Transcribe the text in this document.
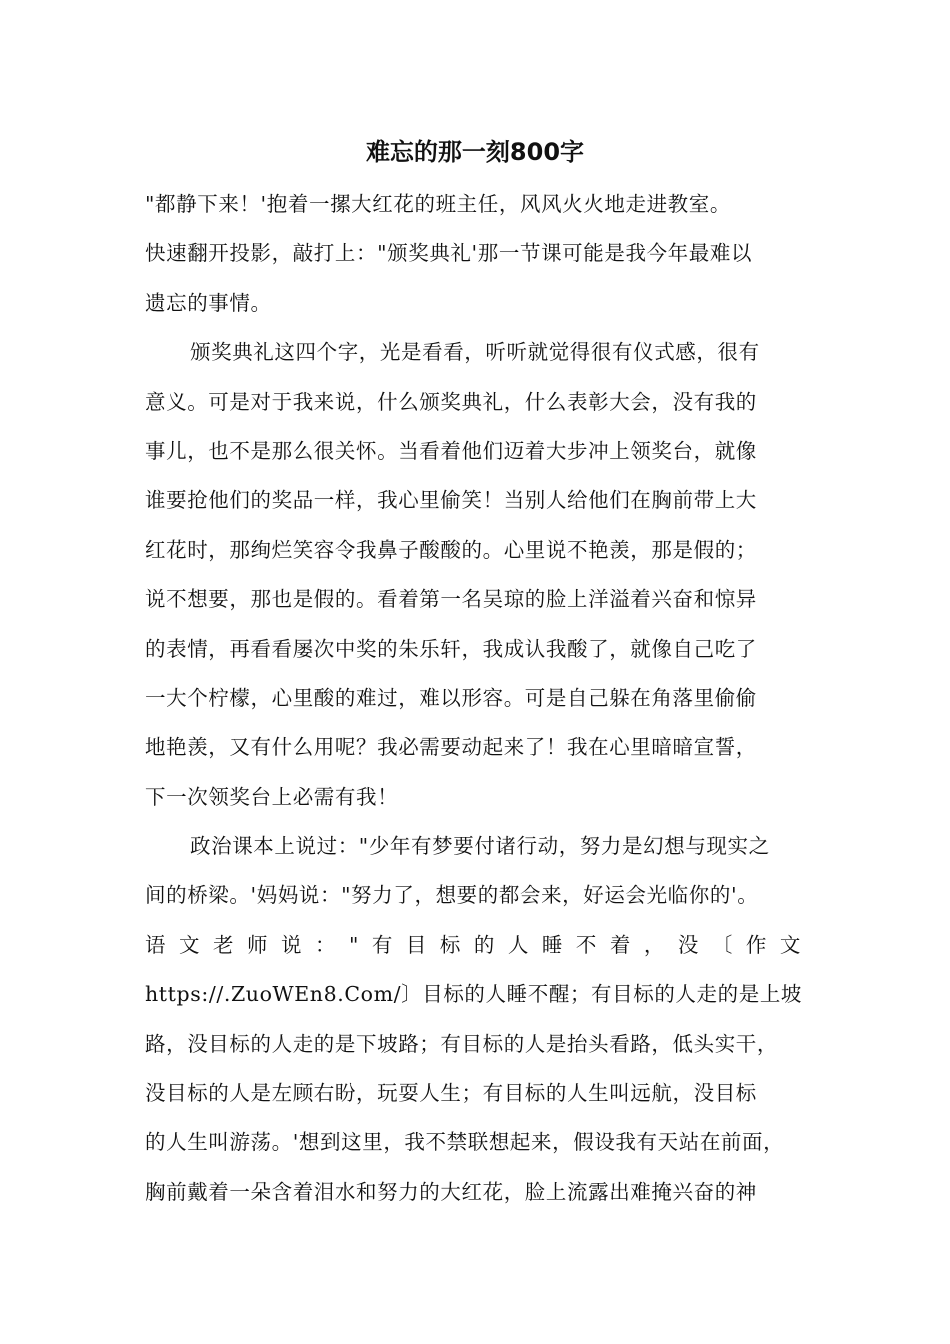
难忘的那一刻800字
"都静下来！'抱着一摞大红花的班主任，风风火火地走进教室。
快速翻开投影，敲打上："颁奖典礼'那一节课可能是我今年最难以
遗忘的事情。
颁奖典礼这四个字，光是看看，听听就觉得很有仪式感，很有
意义。可是对于我来说，什么颁奖典礼，什么表彰大会，没有我的
事儿，也不是那么很关怀。当看着他们迈着大步冲上领奖台，就像
谁要抢他们的奖品一样，我心里偷笑！当别人给他们在胸前带上大
红花时，那绚烂笑容令我鼻子酸酸的。心里说不艳羡，那是假的；
说不想要，那也是假的。看着第一名吴琼的脸上洋溢着兴奋和惊异
的表情，再看看屡次中奖的朱乐轩，我成认我酸了，就像自己吃了
一大个柠檬，心里酸的难过，难以形容。可是自己躲在角落里偷偷
地艳羡，又有什么用呢？我必需要动起来了！我在心里暗暗宣誓，
下一次领奖台上必需有我！
政治课本上说过："少年有梦要付诸行动，努力是幻想与现实之
间的桥梁。'妈妈说："努力了，想要的都会来，好运会光临你的'。
语文老师说："有目标的人睡不着，没〔作文
https://.ZuoWEn8.Com/〕目标的人睡不醒；有目标的人走的是上坡
路，没目标的人走的是下坡路；有目标的人是抬头看路，低头实干，
没目标的人是左顾右盼，玩耍人生；有目标的人生叫远航，没目标
的人生叫游荡。'想到这里，我不禁联想起来，假设我有天站在前面，
胸前戴着一朵含着泪水和努力的大红花，脸上流露出难掩兴奋的神
